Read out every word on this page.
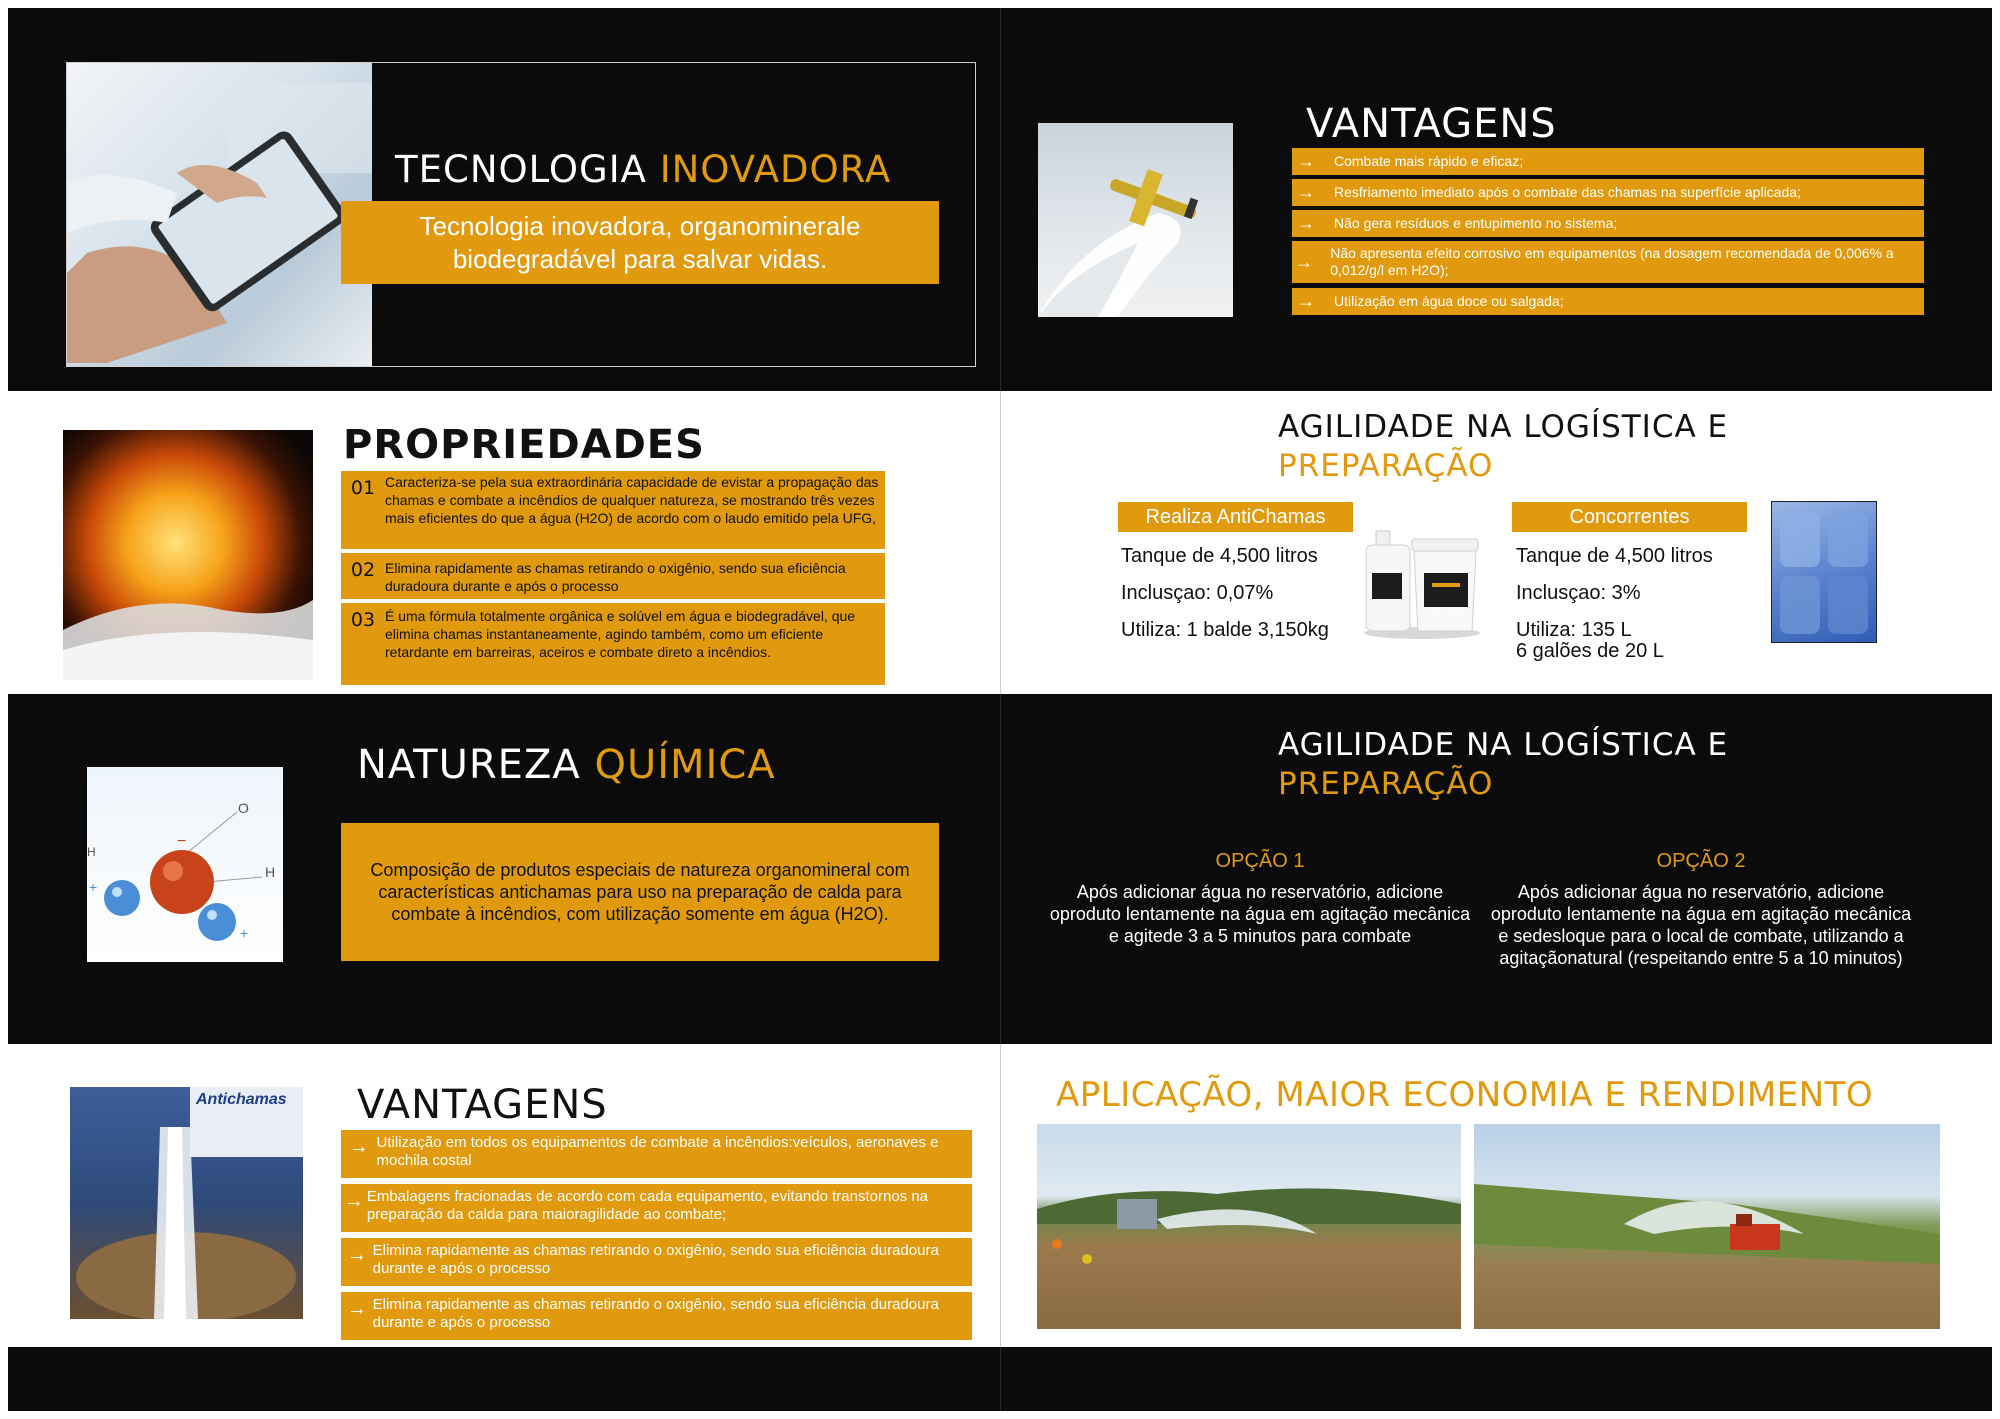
TECNOLOGIA INOVADORA
Tecnologia inovadora, organominerale biodegradável para salvar vidas.
VANTAGENS
→	Combate mais rápido e eficaz;
→	Resfriamento imediato após o combate das chamas na superfície aplicada;
→	Não gera resíduos e entupimento no sistema;
→	Não apresenta efeito corrosivo em equipamentos (na dosagem recomendada de 0,006% a 0,012/g/l em H2O);
→	Utilização em água doce ou salgada;
PROPRIEDADES
01 Caracteriza-se pela sua extraordinária capacidade de evistar a propagação das chamas e combate a incêndios de qualquer natureza, se mostrando três vezes mais eficientes do que a água (H2O) de acordo com o laudo emitido pela UFG,
02 Elimina rapidamente as chamas retirando o oxigênio, sendo sua eficiência duradoura durante e após o processo
03 É uma fórmula totalmente orgânica e solúvel em água e biodegradável, que elimina chamas instantaneamente, agindo também, como um eficiente retardante em barreiras, aceiros e combate direto a incêndios.
AGILIDADE NA LOGÍSTICA E
PREPARAÇÃO
Realiza AntiChamas
Tanque de 4,500 litros
Inclusçao: 0,07%
Utiliza: 1 balde 3,150kg
APAGA FOGO
Concorrentes
Tanque de 4,500 litros
Inclusçao: 3%
Utiliza: 135 L
6 galões de 20 L
O
H
H
−
+
+
NATUREZA QUÍMICA
Composição de produtos especiais de natureza organomineral com características antichamas para uso na preparação de calda para combate à incêndios, com utilização somente em água (H2O).
AGILIDADE NA LOGÍSTICA E
PREPARAÇÃO
OPÇÃO 1
Após adicionar água no reservatório, adicione oproduto lentamente na água em agitação mecânica e agitede 3 a 5 minutos para combate
OPÇÃO 2
Após adicionar água no reservatório, adicione oproduto lentamente na água em agitação mecânica e sedesloque para o local de combate, utilizando a agitaçãonatural (respeitando entre 5 a 10 minutos)
Antichamas VANTAGENS
→ Utilização em todos os equipamentos de combate a incêndios:veículos, aeronaves e mochila costal
→ Embalagens fracionadas de acordo com cada equipamento, evitando transtornos na preparação da calda para maioragilidade ao combate;
→ Elimina rapidamente as chamas retirando o oxigênio, sendo sua eficiência duradoura durante e após o processo
→ Elimina rapidamente as chamas retirando o oxigênio, sendo sua eficiência duradoura durante e após o processo
APLICAÇÃO, MAIOR ECONOMIA E RENDIMENTO
